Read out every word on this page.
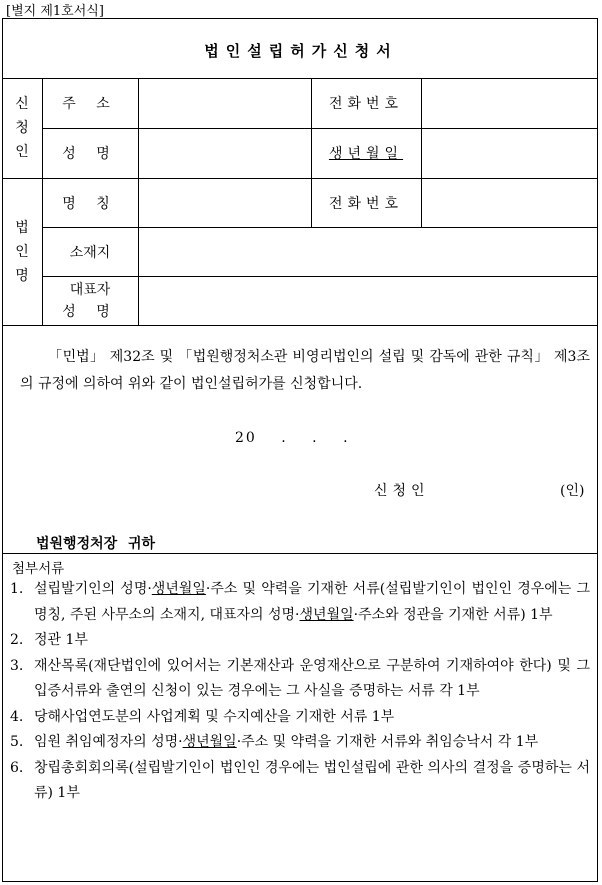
[별지 제1호서식]
법인설립허가신청서
신
청
인
주 소	전화번호
성 명	생년월일
법
인
명
명 칭	전화번호
소재지
대표자
성 명
「민법」 제32조 및 「법원행정처소관 비영리법인의 설립 및 감독에 관한 규칙」 제3조의 규정에 의하여 위와 같이 법인설립허가를 신청합니다.
20 . . .
신청인	(인)
법원행정처장 귀하
첨부서류
1. 설립발기인의 성명·생년월일·주소 및 약력을 기재한 서류(설립발기인이 법인인 경우에는 그 명칭, 주된 사무소의 소재지, 대표자의 성명·생년월일·주소와 정관을 기재한 서류) 1부
2. 정관 1부
3. 재산목록(재단법인에 있어서는 기본재산과 운영재산으로 구분하여 기재하여야 한다) 및 그 입증서류와 출연의 신청이 있는 경우에는 그 사실을 증명하는 서류 각 1부
4. 당해사업연도분의 사업계획 및 수지예산을 기재한 서류 1부
5. 임원 취임예정자의 성명·생년월일·주소 및 약력을 기재한 서류와 취임승낙서 각 1부
6. 창립총회회의록(설립발기인이 법인인 경우에는 법인설립에 관한 의사의 결정을 증명하는 서류) 1부
